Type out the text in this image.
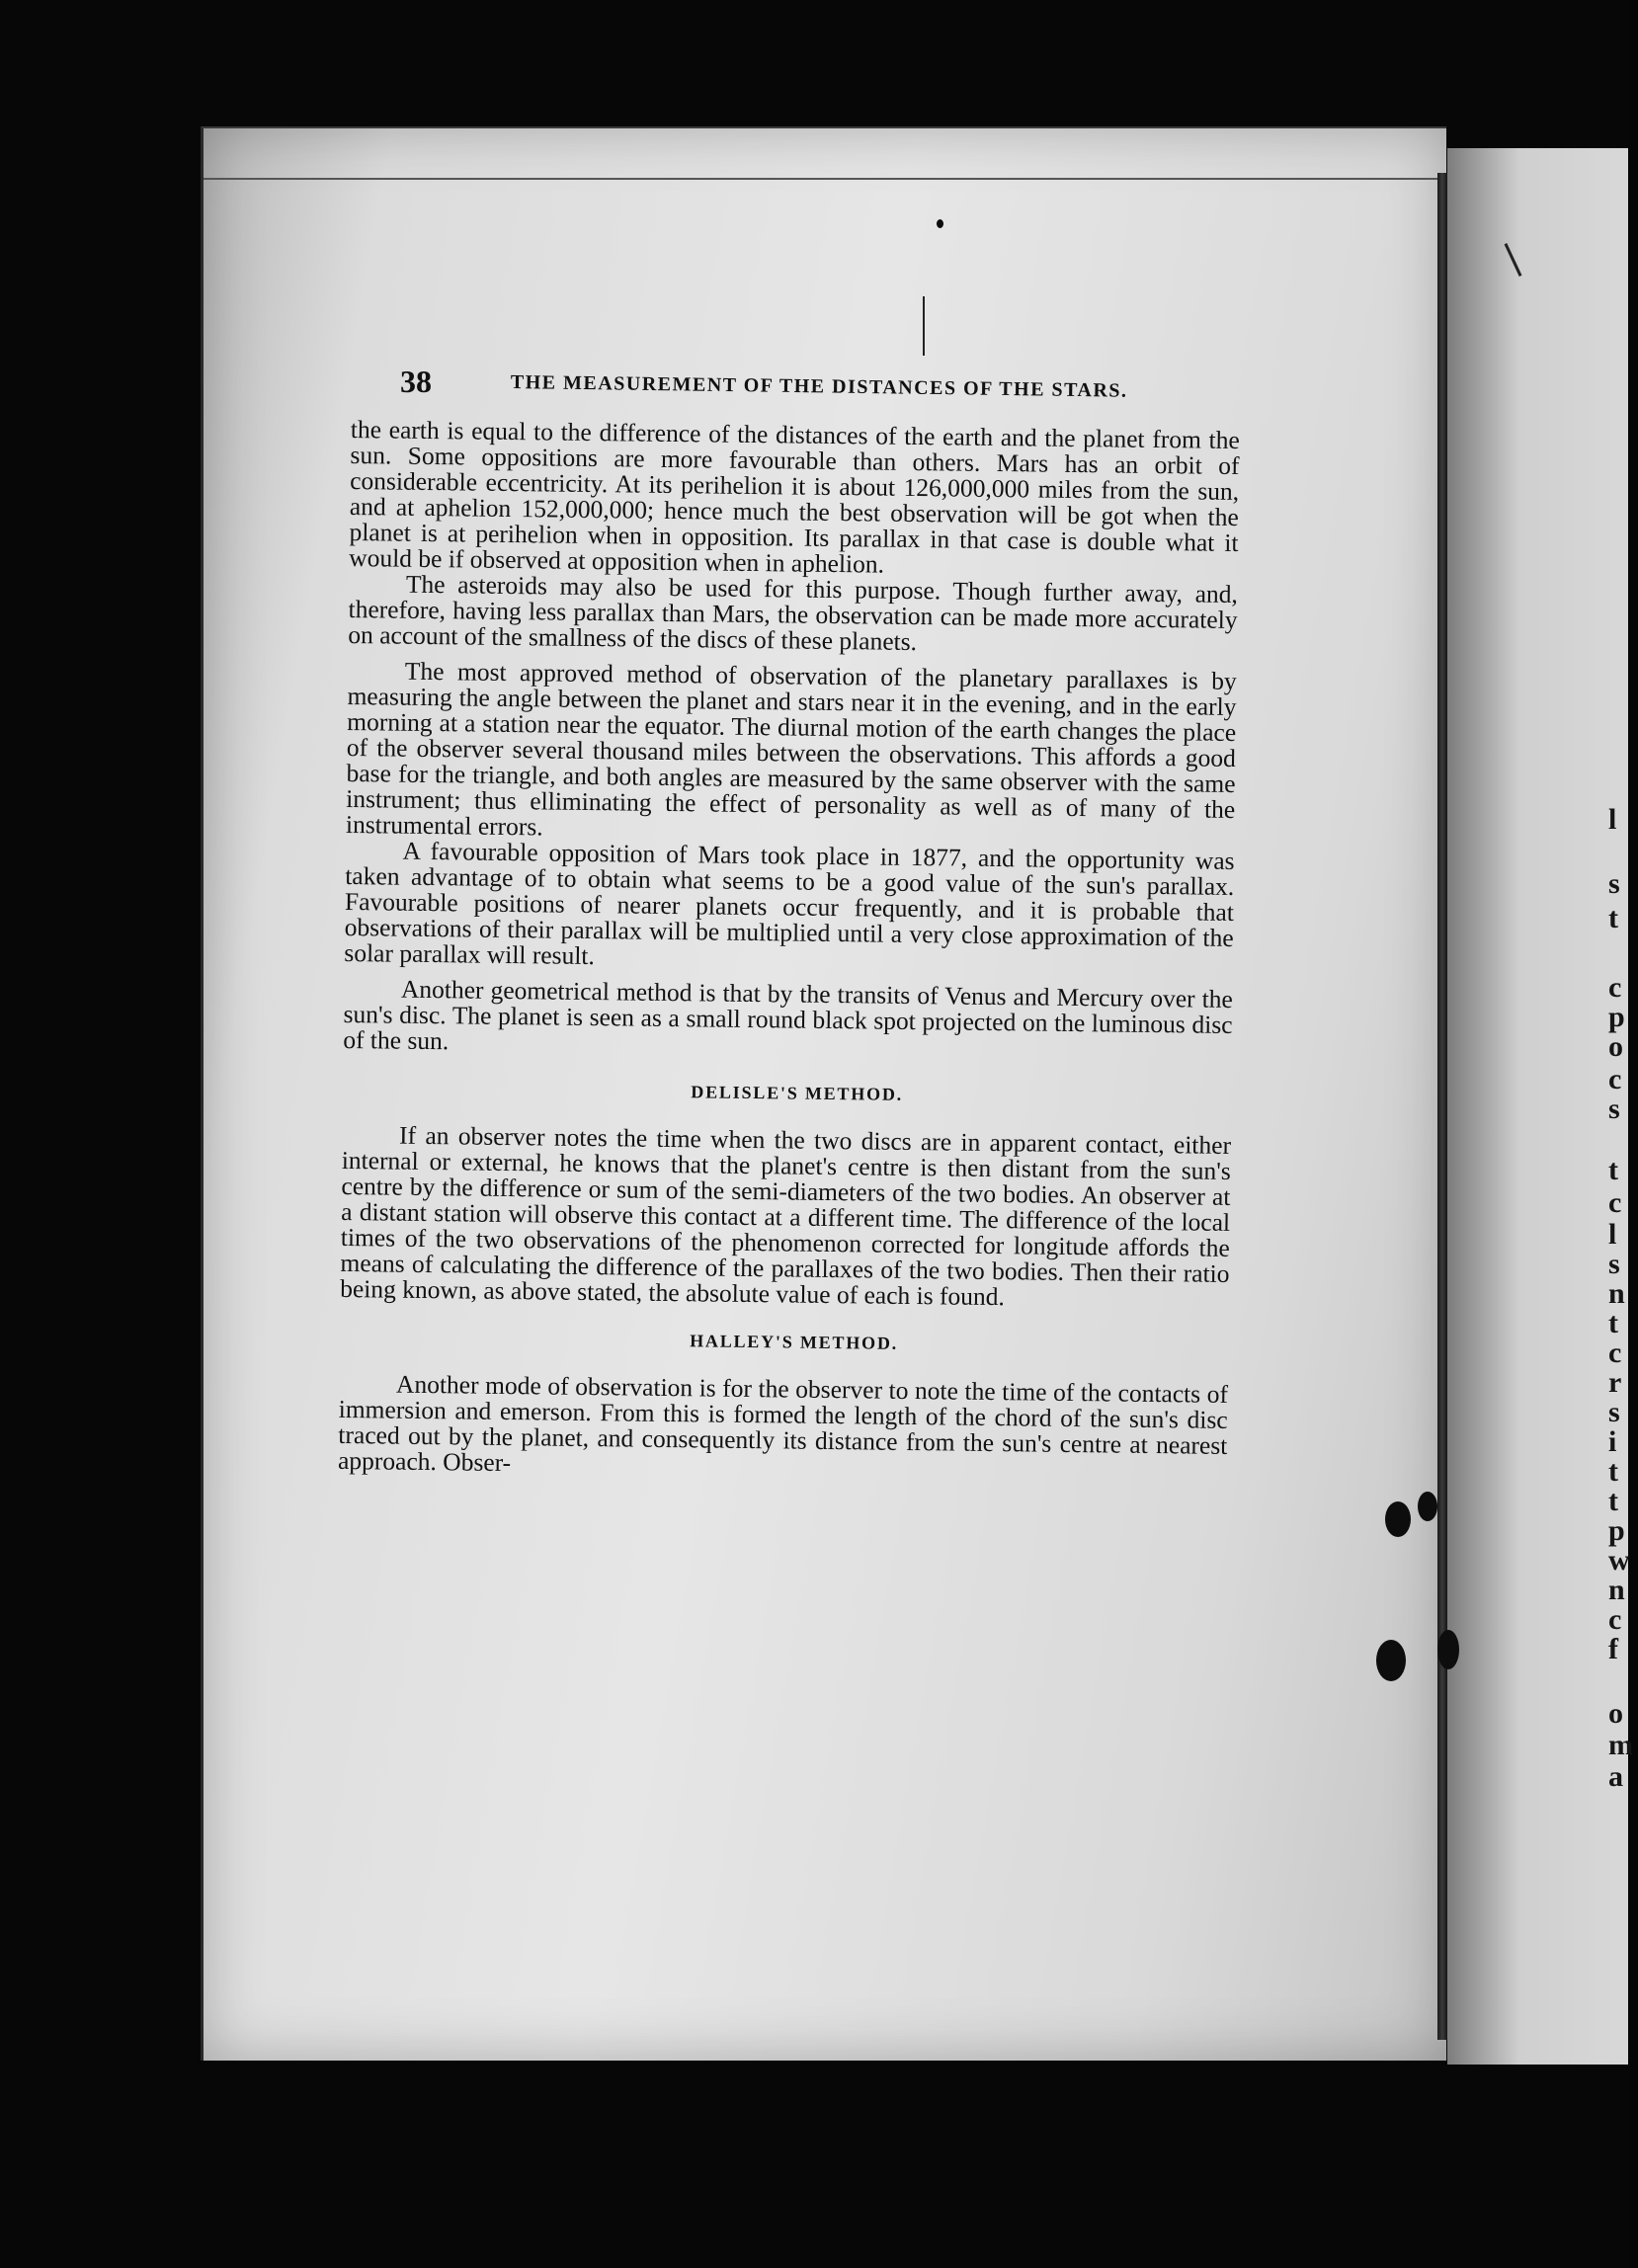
l
s
t
c
p
o
c
s
t
c
l
s
n
t
c
r
s
i
t
t
p
w
n
c
f
o
m
a
38	THE MEASUREMENT OF THE DISTANCES OF THE STARS.

the earth is equal to the difference of the distances of the earth and the planet from the sun. Some oppositions are more favourable than others. Mars has an orbit of considerable eccentricity. At its perihelion it is about 126,000,000 miles from the sun, and at aphelion 152,000,000; hence much the best observation will be got when the planet is at perihelion when in opposition. Its parallax in that case is double what it would be if observed at opposition when in aphelion.

The asteroids may also be used for this purpose. Though further away, and, therefore, having less parallax than Mars, the observation can be made more accurately on account of the smallness of the discs of these planets.

The most approved method of observation of the planetary parallaxes is by measuring the angle between the planet and stars near it in the evening, and in the early morning at a station near the equator. The diurnal motion of the earth changes the place of the observer several thousand miles between the observations. This affords a good base for the triangle, and both angles are measured by the same observer with the same instrument; thus elliminating the effect of personality as well as of many of the instrumental errors.

A favourable opposition of Mars took place in 1877, and the opportunity was taken advantage of to obtain what seems to be a good value of the sun's parallax. Favourable positions of nearer planets occur frequently, and it is probable that observations of their parallax will be multiplied until a very close approximation of the solar parallax will result.

Another geometrical method is that by the transits of Venus and Mercury over the sun's disc. The planet is seen as a small round black spot projected on the luminous disc of the sun.

DELISLE'S METHOD.

If an observer notes the time when the two discs are in apparent contact, either internal or external, he knows that the planet's centre is then distant from the sun's centre by the difference or sum of the semi-diameters of the two bodies. An observer at a distant station will observe this contact at a different time. The difference of the local times of the two observations of the phenomenon corrected for longitude affords the means of calculating the difference of the parallaxes of the two bodies. Then their ratio being known, as above stated, the absolute value of each is found.

HALLEY'S METHOD.

Another mode of observation is for the observer to note the time of the contacts of immersion and emerson. From this is formed the length of the chord of the sun's disc traced out by the planet, and consequently its distance from the sun's centre at nearest approach. Obser-
